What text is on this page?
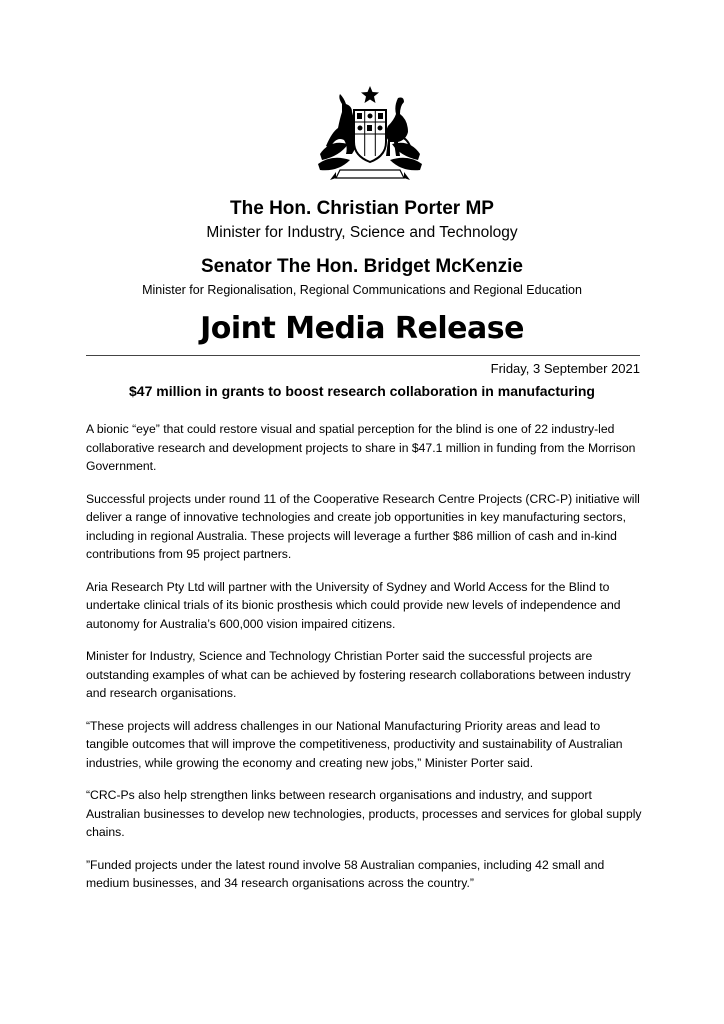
The Hon. Christian Porter MP
Minister for Industry, Science and Technology
Senator The Hon. Bridget McKenzie
Minister for Regionalisation, Regional Communications and Regional Education
Joint Media Release
Friday, 3 September 2021
$47 million in grants to boost research collaboration in manufacturing

A bionic “eye” that could restore visual and spatial perception for the blind is one of 22 industry-led collaborative research and development projects to share in $47.1 million in funding from the Morrison Government.

Successful projects under round 11 of the Cooperative Research Centre Projects (CRC-P) initiative will deliver a range of innovative technologies and create job opportunities in key manufacturing sectors, including in regional Australia. These projects will leverage a further $86 million of cash and in-kind contributions from 95 project partners.

Aria Research Pty Ltd will partner with the University of Sydney and World Access for the Blind to undertake clinical trials of its bionic prosthesis which could provide new levels of independence and autonomy for Australia’s 600,000 vision impaired citizens.

Minister for Industry, Science and Technology Christian Porter said the successful projects are outstanding examples of what can be achieved by fostering research collaborations between industry and research organisations.

“These projects will address challenges in our National Manufacturing Priority areas and lead to tangible outcomes that will improve the competitiveness, productivity and sustainability of Australian industries, while growing the economy and creating new jobs,” Minister Porter said.

“CRC-Ps also help strengthen links between research organisations and industry, and support Australian businesses to develop new technologies, products, processes and services for global supply chains.

”Funded projects under the latest round involve 58 Australian companies, including 42 small and medium businesses, and 34 research organisations across the country.”
